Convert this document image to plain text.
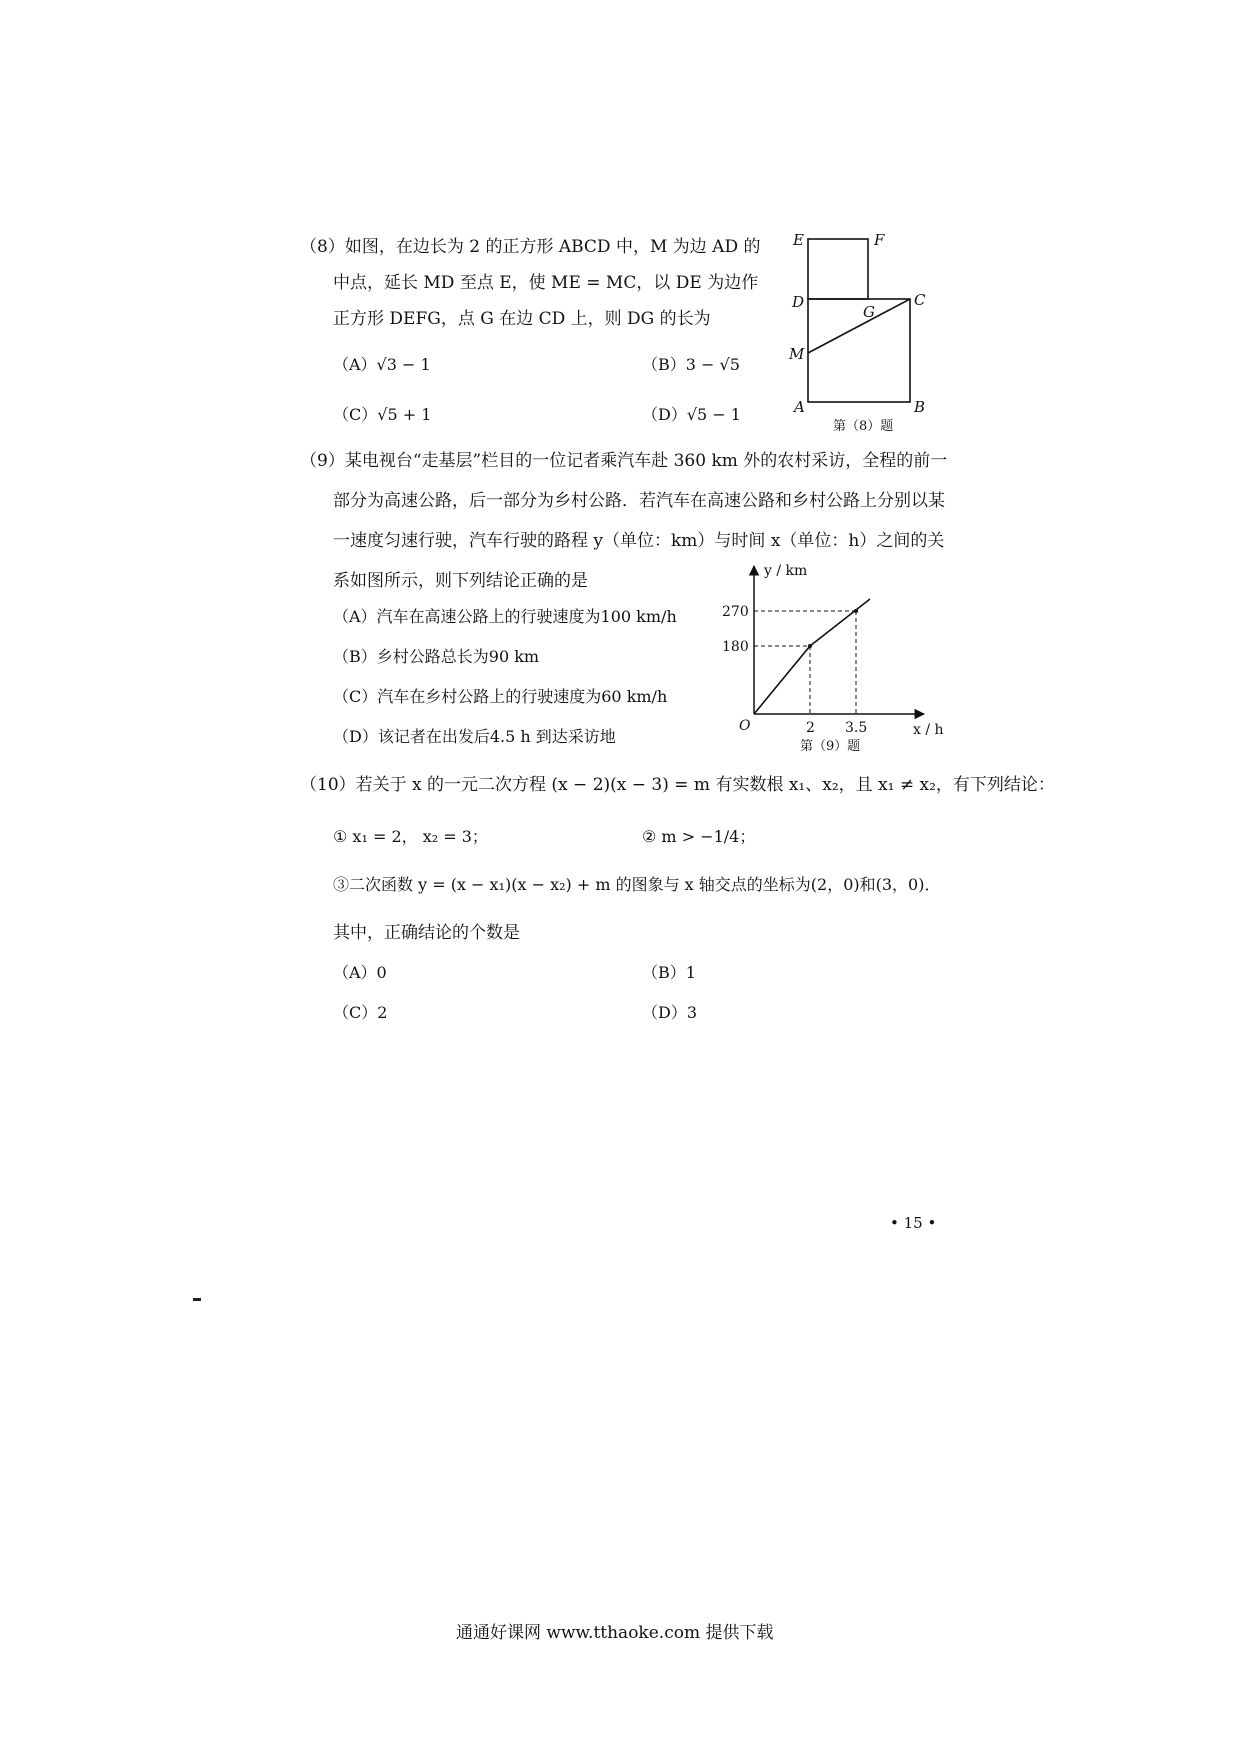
（8）如图，在边长为 2 的正方形 ABCD 中，M 为边 AD 的
中点，延长 MD 至点 E，使 ME = MC，以 DE 为边作
正方形 DEFG，点 G 在边 CD 上，则 DG 的长为
（A）√3 − 1	（B）3 − √5
（C）√5 + 1	（D）√5 − 1
E	F
D
G
C
M
A	B
第（8）题
（9）某电视台“走基层”栏目的一位记者乘汽车赴 360 km 外的农村采访，全程的前一
部分为高速公路，后一部分为乡村公路．若汽车在高速公路和乡村公路上分别以某
一速度匀速行驶，汽车行驶的路程 y（单位：km）与时间 x（单位：h）之间的关
系如图所示，则下列结论正确的是
（A）汽车在高速公路上的行驶速度为100 km/h
（B）乡村公路总长为90 km
（C）汽车在乡村公路上的行驶速度为60 km/h
（D）该记者在出发后4.5 h 到达采访地
y / km
x / h
O
270
180
2 3.5
第（9）题
（10）若关于 x 的一元二次方程 (x − 2)(x − 3) = m 有实数根 x₁、x₂，且 x₁ ≠ x₂，有下列结论：
① x₁ = 2， x₂ = 3；	② m > −1/4；
③二次函数 y = (x − x₁)(x − x₂) + m 的图象与 x 轴交点的坐标为(2，0)和(3，0)．
其中，正确结论的个数是
（A）0	（B）1
（C）2	（D）3
• 15 •
通通好课网 www.tthaoke.com 提供下载
